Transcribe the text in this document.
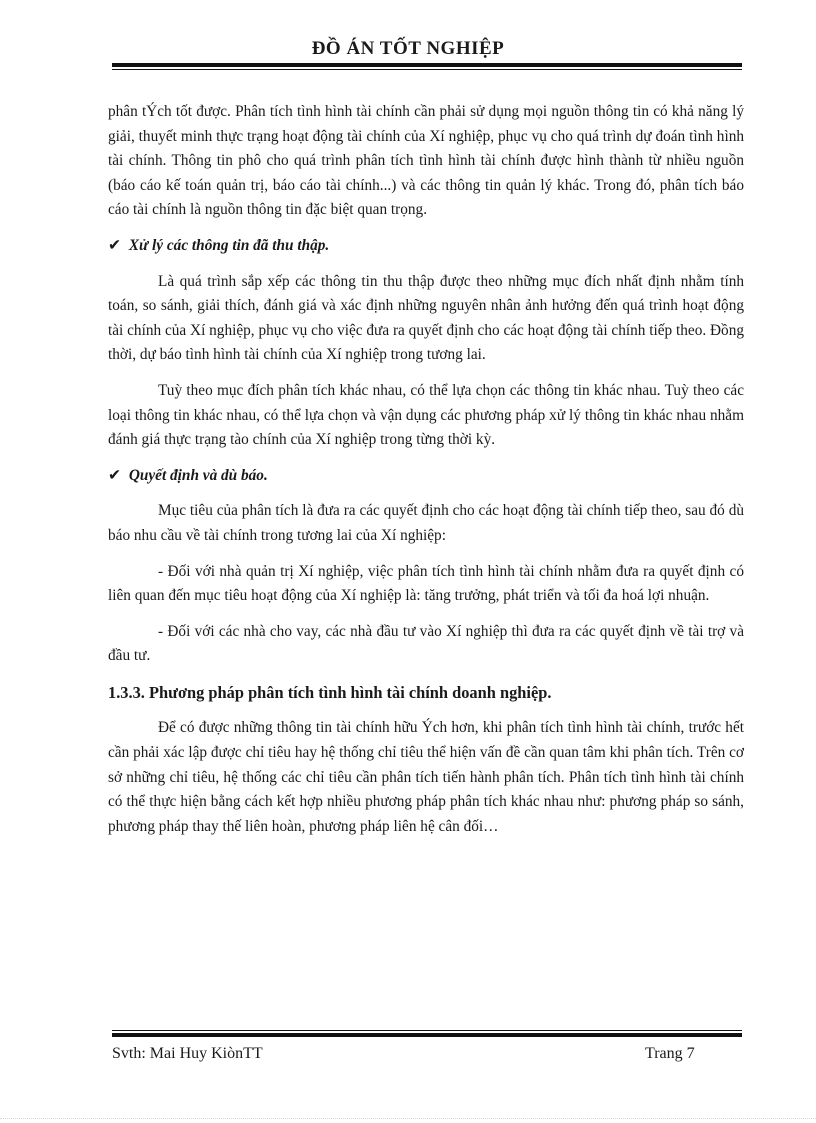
ĐỒ ÁN TỐT NGHIỆP

phân tÝch tốt được. Phân tích tình hình tài chính cần phải sử dụng mọi nguồn thông tin có khả năng lý giải, thuyết minh thực trạng hoạt động tài chính của Xí nghiệp, phục vụ cho quá trình dự đoán tình hình tài chính. Thông tin phô cho quá trình phân tích tình hình tài chính được hình thành từ nhiều nguồn (báo cáo kế toán quản trị, báo cáo tài chính...) và các thông tin quản lý khác. Trong đó, phân tích báo cáo tài chính là nguồn thông tin đặc biệt quan trọng.

✔ Xử lý các thông tin đã thu thập.

Là quá trình sắp xếp các thông tin thu thập được theo những mục đích nhất định nhằm tính toán, so sánh, giải thích, đánh giá và xác định những nguyên nhân ảnh hưởng đến quá trình hoạt động tài chính của Xí nghiệp, phục vụ cho việc đưa ra quyết định cho các hoạt động tài chính tiếp theo. Đồng thời, dự báo tình hình tài chính của Xí nghiệp trong tương lai.

Tuỳ theo mục đích phân tích khác nhau, có thể lựa chọn các thông tin khác nhau. Tuỳ theo các loại thông tin khác nhau, có thể lựa chọn và vận dụng các phương pháp xử lý thông tin khác nhau nhằm đánh giá thực trạng tào chính của Xí nghiệp trong từng thời kỳ.

✔ Quyết định và dù báo.

Mục tiêu của phân tích là đưa ra các quyết định cho các hoạt động tài chính tiếp theo, sau đó dù báo nhu cầu về tài chính trong tương lai của Xí nghiệp:

- Đối với nhà quản trị Xí nghiệp, việc phân tích tình hình tài chính nhằm đưa ra quyết định có liên quan đến mục tiêu hoạt động của Xí nghiệp là: tăng trưởng, phát triển và tối đa hoá lợi nhuận.

- Đối với các nhà cho vay, các nhà đầu tư vào Xí nghiệp thì đưa ra các quyết định về tài trợ và đầu tư.

1.3.3. Phương pháp phân tích tình hình tài chính doanh nghiệp.

Để có được những thông tin tài chính hữu Ých hơn, khi phân tích tình hình tài chính, trước hết cần phải xác lập được chỉ tiêu hay hệ thống chỉ tiêu thể hiện vấn đề cần quan tâm khi phân tích. Trên cơ sở những chỉ tiêu, hệ thống các chỉ tiêu cần phân tích tiến hành phân tích. Phân tích tình hình tài chính có thể thực hiện bằng cách kết hợp nhiều phương pháp phân tích khác nhau như: phương pháp so sánh, phương pháp thay thế liên hoàn, phương pháp liên hệ cân đối…

Svth: Mai Huy KiònTT	Trang 7
